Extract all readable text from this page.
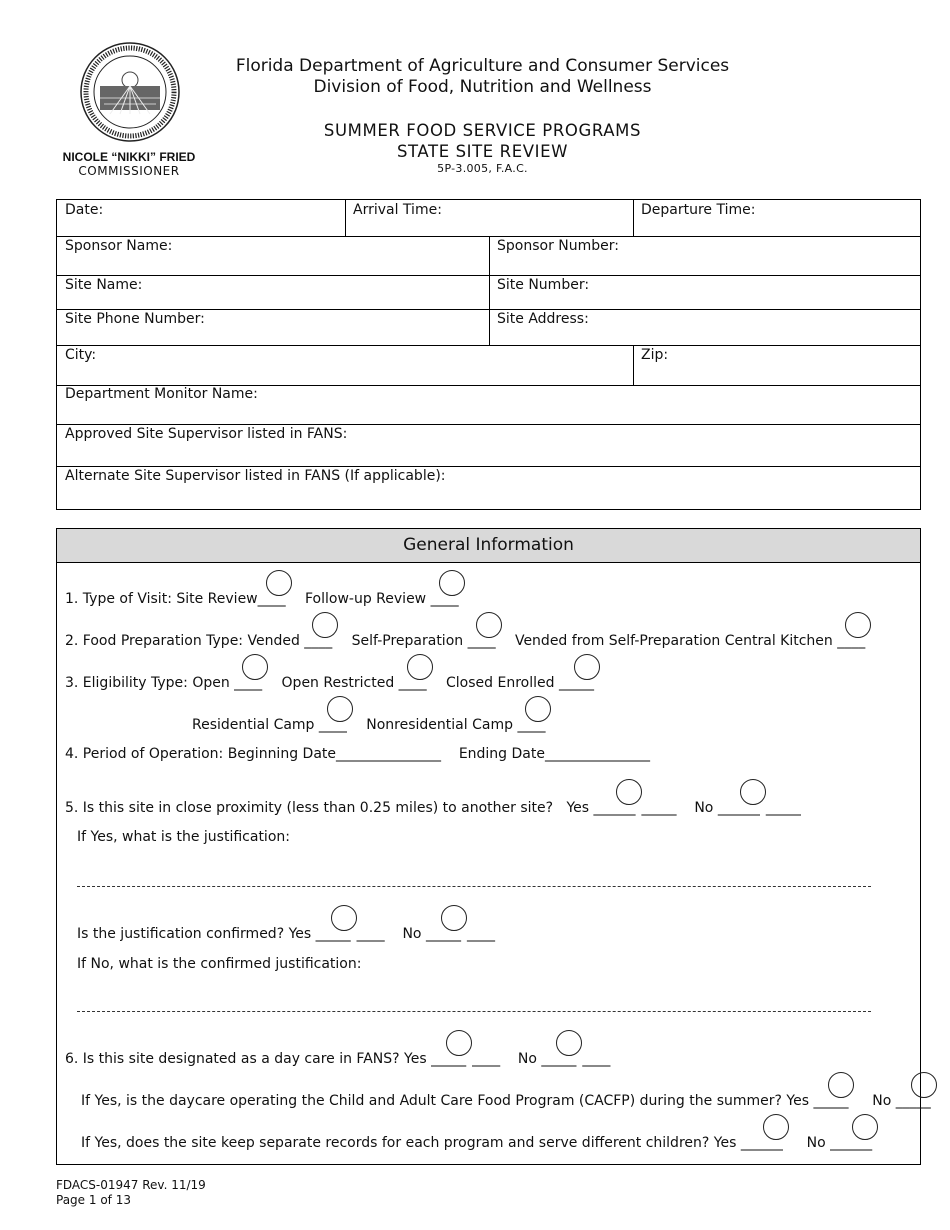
NICOLE “NIKKI” FRIED
COMMISSIONER
Florida Department of Agriculture and Consumer Services
Division of Food, Nutrition and Wellness
SUMMER FOOD SERVICE PROGRAMS
STATE SITE REVIEW
5P-3.005, F.A.C.
Date:	Arrival Time:	Departure Time:
Sponsor Name:	Sponsor Number:
Site Name:	Site Number:
Site Phone Number:	Site Address:
City:	Zip:
Department Monitor Name:
Approved Site Supervisor listed in FANS:
Alternate Site Supervisor listed in FANS (If applicable):
General Information
1. Type of Visit: Site Review____ Follow-up Review ____
2. Food Preparation Type: Vended ____ Self-Preparation ____ Vended from Self-Preparation Central Kitchen ____
3. Eligibility Type: Open ____ Open Restricted ____ Closed Enrolled _____
Residential Camp ____ Nonresidential Camp ____
4. Period of Operation: Beginning Date_______________ Ending Date_______________
5. Is this site in close proximity (less than 0.25 miles) to another site? Yes ______ _____ No ______ _____
If Yes, what is the justification:
Is the justification confirmed? Yes _____ ____ No _____ ____
If No, what is the confirmed justification:
6. Is this site designated as a day care in FANS? Yes _____ ____ No _____ ____
If Yes, is the daycare operating the Child and Adult Care Food Program (CACFP) during the summer? Yes _____ No _____
If Yes, does the site keep separate records for each program and serve different children? Yes ______ No ______
FDACS-01947 Rev. 11/19
Page 1 of 13
